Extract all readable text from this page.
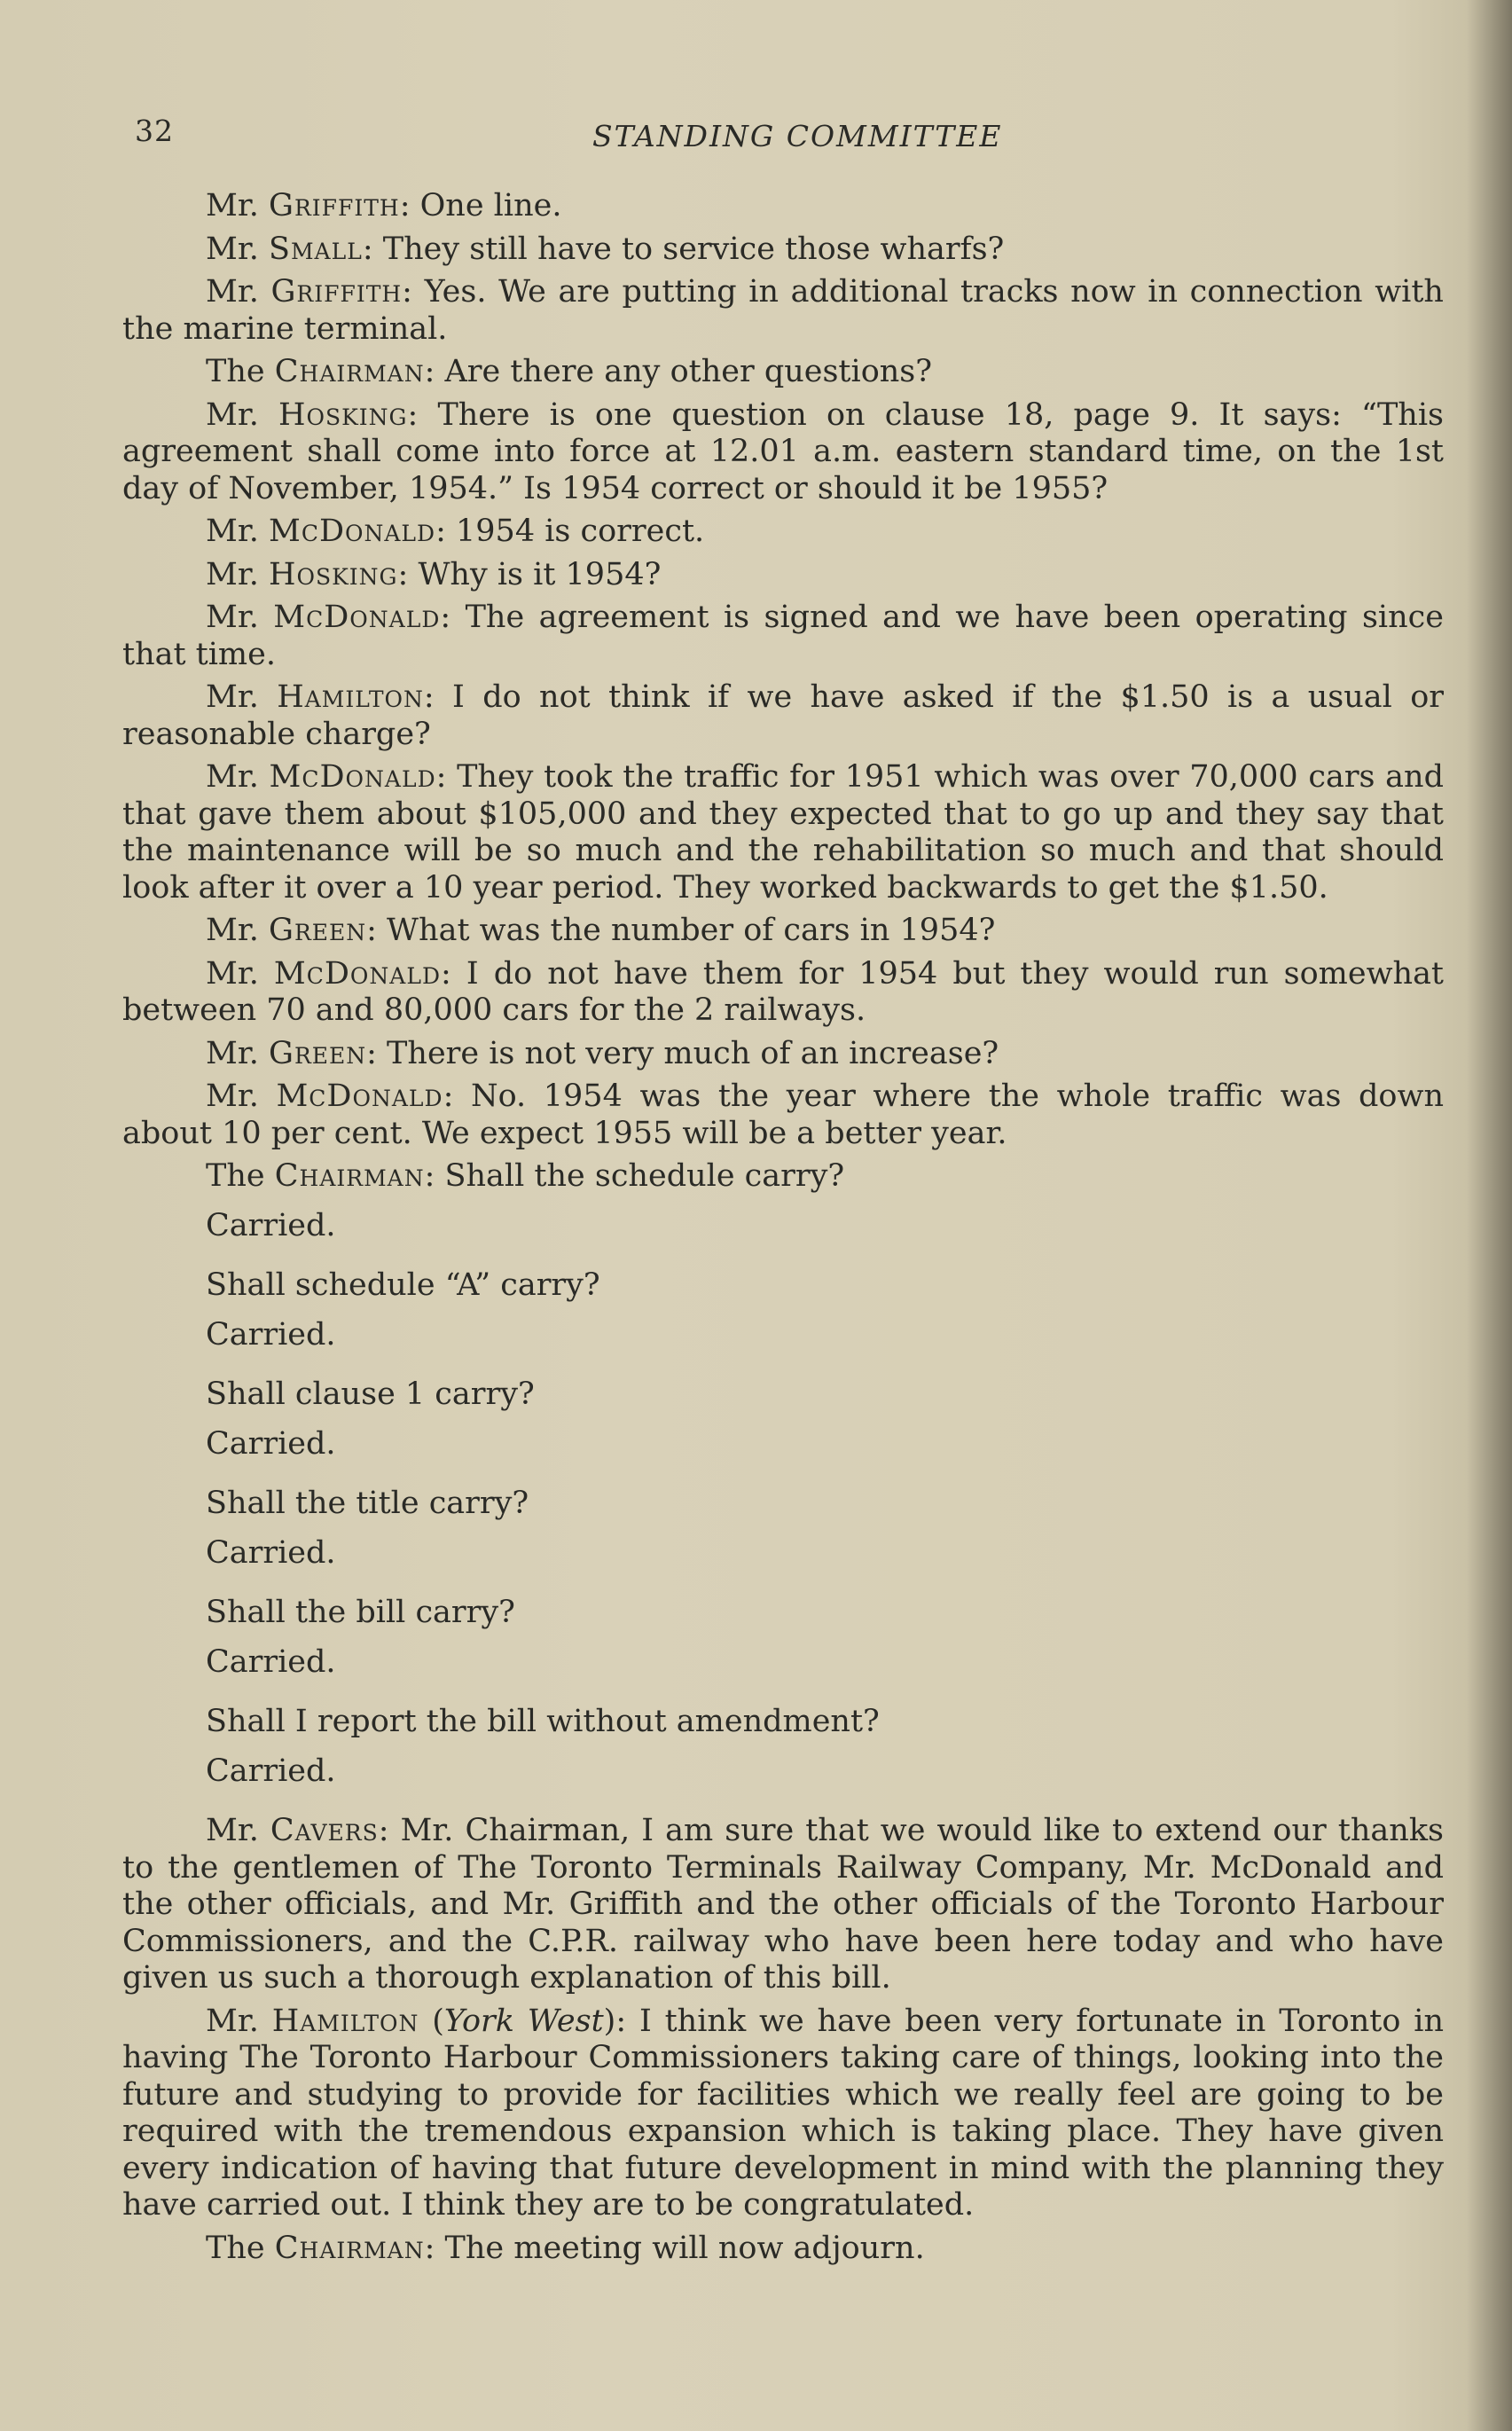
32	STANDING COMMITTEE

Mr. Griffith: One line.

Mr. Small: They still have to service those wharfs?

Mr. Griffith: Yes. We are putting in additional tracks now in connection with the marine terminal.

The Chairman: Are there any other questions?

Mr. Hosking: There is one question on clause 18, page 9. It says: “This agreement shall come into force at 12.01 a.m. eastern standard time, on the 1st day of November, 1954.” Is 1954 correct or should it be 1955?

Mr. McDonald: 1954 is correct.

Mr. Hosking: Why is it 1954?

Mr. McDonald: The agreement is signed and we have been operating since that time.

Mr. Hamilton: I do not think if we have asked if the $1.50 is a usual or reasonable charge?

Mr. McDonald: They took the traffic for 1951 which was over 70,000 cars and that gave them about $105,000 and they expected that to go up and they say that the maintenance will be so much and the rehabilitation so much and that should look after it over a 10 year period. They worked backwards to get the $1.50.

Mr. Green: What was the number of cars in 1954?

Mr. McDonald: I do not have them for 1954 but they would run somewhat between 70 and 80,000 cars for the 2 railways.

Mr. Green: There is not very much of an increase?

Mr. McDonald: No. 1954 was the year where the whole traffic was down about 10 per cent. We expect 1955 will be a better year.

The Chairman: Shall the schedule carry?

Carried.

Shall schedule “A” carry?

Carried.

Shall clause 1 carry?

Carried.

Shall the title carry?

Carried.

Shall the bill carry?

Carried.

Shall I report the bill without amendment?

Carried.

Mr. Cavers: Mr. Chairman, I am sure that we would like to extend our thanks to the gentlemen of The Toronto Terminals Railway Company, Mr. McDonald and the other officials, and Mr. Griffith and the other officials of the Toronto Harbour Commissioners, and the C.P.R. railway who have been here today and who have given us such a thorough explanation of this bill.

Mr. Hamilton (York West): I think we have been very fortunate in Toronto in having The Toronto Harbour Commissioners taking care of things, looking into the future and studying to provide for facilities which we really feel are going to be required with the tremendous expansion which is taking place. They have given every indication of having that future development in mind with the planning they have carried out. I think they are to be congratulated.

The Chairman: The meeting will now adjourn.
